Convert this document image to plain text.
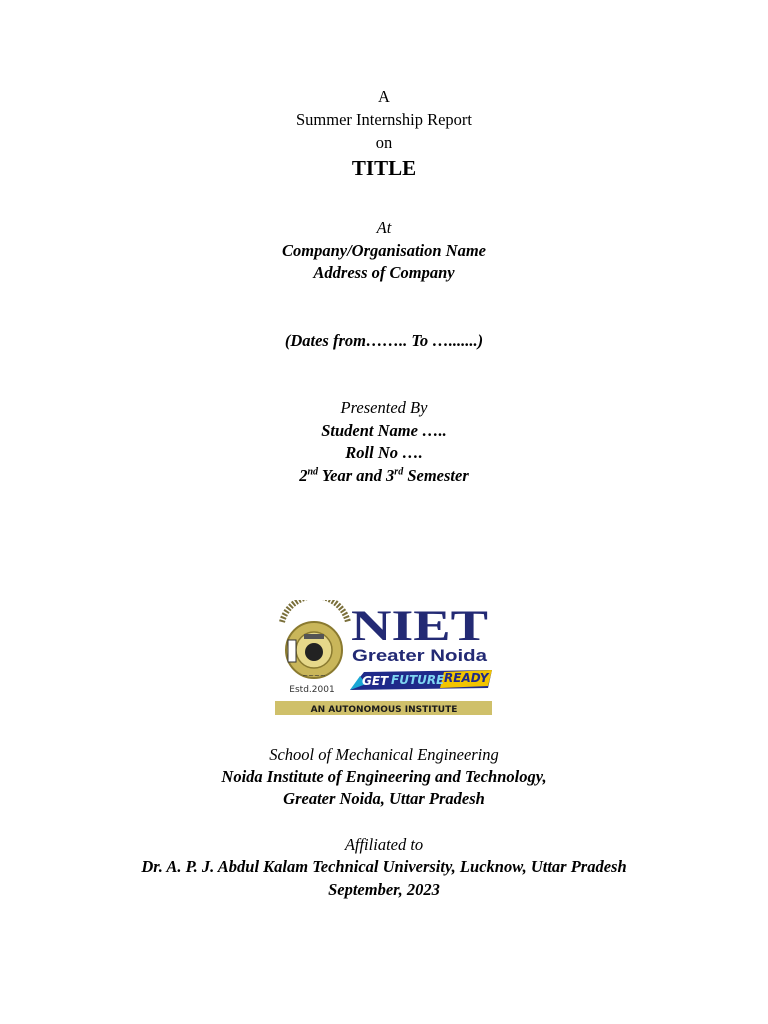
A
Summer Internship Report
on
TITLE
At
Company/Organisation Name
Address of Company
(Dates from…….. To ….......)
Presented By
Student Name …..
Roll No ….
2nd Year and 3rd Semester
~~~~
Estd.2001
NIET
Greater Noida
GET FUTURE READY
AN AUTONOMOUS INSTITUTE
School of Mechanical Engineering
Noida Institute of Engineering and Technology,
Greater Noida, Uttar Pradesh
Affiliated to
Dr. A. P. J. Abdul Kalam Technical University, Lucknow, Uttar Pradesh
September, 2023
